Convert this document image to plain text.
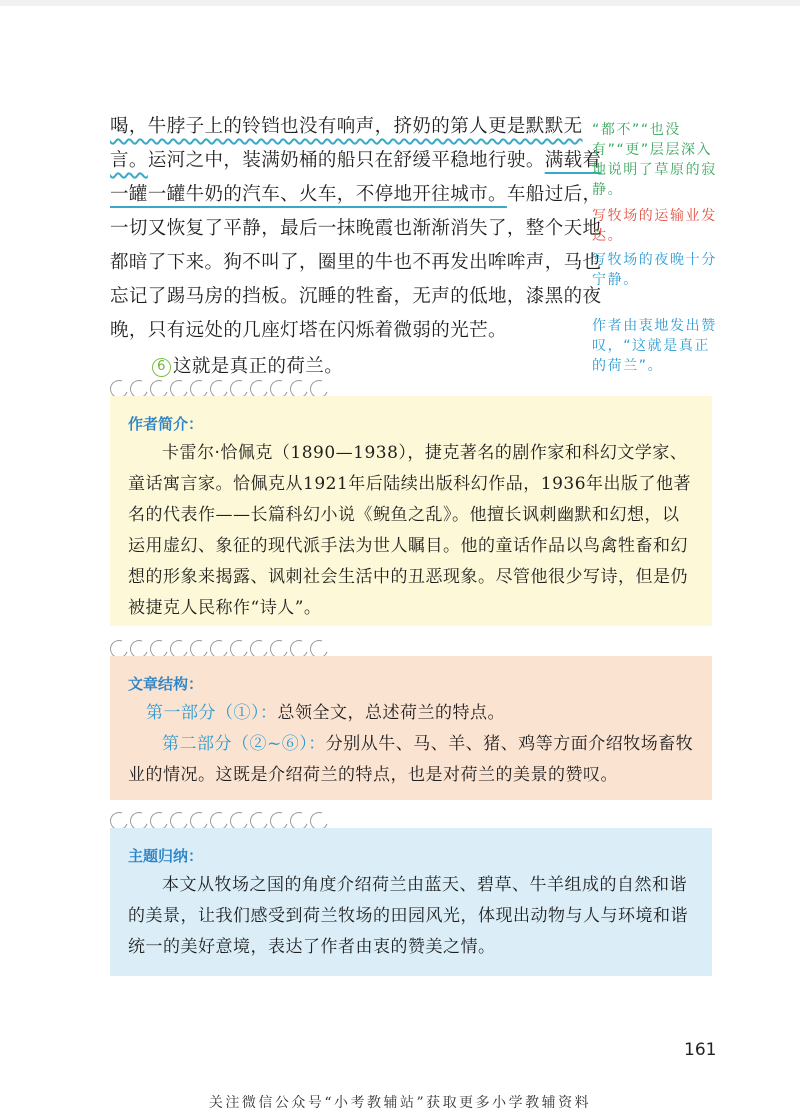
喝，牛脖子上的铃铛也没有响声，挤奶的第人更是默默无
言。运河之中，装满奶桶的船只在舒缓平稳地行驶。满载着
一罐一罐牛奶的汽车、火车，不停地开往城市。车船过后，
一切又恢复了平静，最后一抹晚霞也渐渐消失了，整个天地
都暗了下来。狗不叫了，圈里的牛也不再发出哞哞声，马也
忘记了踢马房的挡板。沉睡的牲畜，无声的低地，漆黑的夜
晚，只有远处的几座灯塔在闪烁着微弱的光芒。
6 这就是真正的荷兰。
“都不”“也没有”“更”层层深入地说明了草原的寂静。
写牧场的运输业发达。
写牧场的夜晚十分宁静。
作者由衷地发出赞叹，“这就是真正的荷兰”。
作者简介：
卡雷尔·恰佩克（1890—1938），捷克著名的剧作家和科幻文学家、童话寓言家。恰佩克从1921年后陆续出版科幻作品，1936年出版了他著名的代表作——长篇科幻小说《鲵鱼之乱》。他擅长讽刺幽默和幻想，以运用虚幻、象征的现代派手法为世人瞩目。他的童话作品以鸟禽牲畜和幻想的形象来揭露、讽刺社会生活中的丑恶现象。尽管他很少写诗，但是仍被捷克人民称作“诗人”。
文章结构：
第一部分（①）：总领全文，总述荷兰的特点。
第二部分（②~⑥）：分别从牛、马、羊、猪、鸡等方面介绍牧场畜牧业的情况。这既是介绍荷兰的特点，也是对荷兰的美景的赞叹。
主题归纳：
本文从牧场之国的角度介绍荷兰由蓝天、碧草、牛羊组成的自然和谐的美景，让我们感受到荷兰牧场的田园风光，体现出动物与人与环境和谐统一的美好意境，表达了作者由衷的赞美之情。
161
关注微信公众号“小考教辅站”获取更多小学教辅资料
